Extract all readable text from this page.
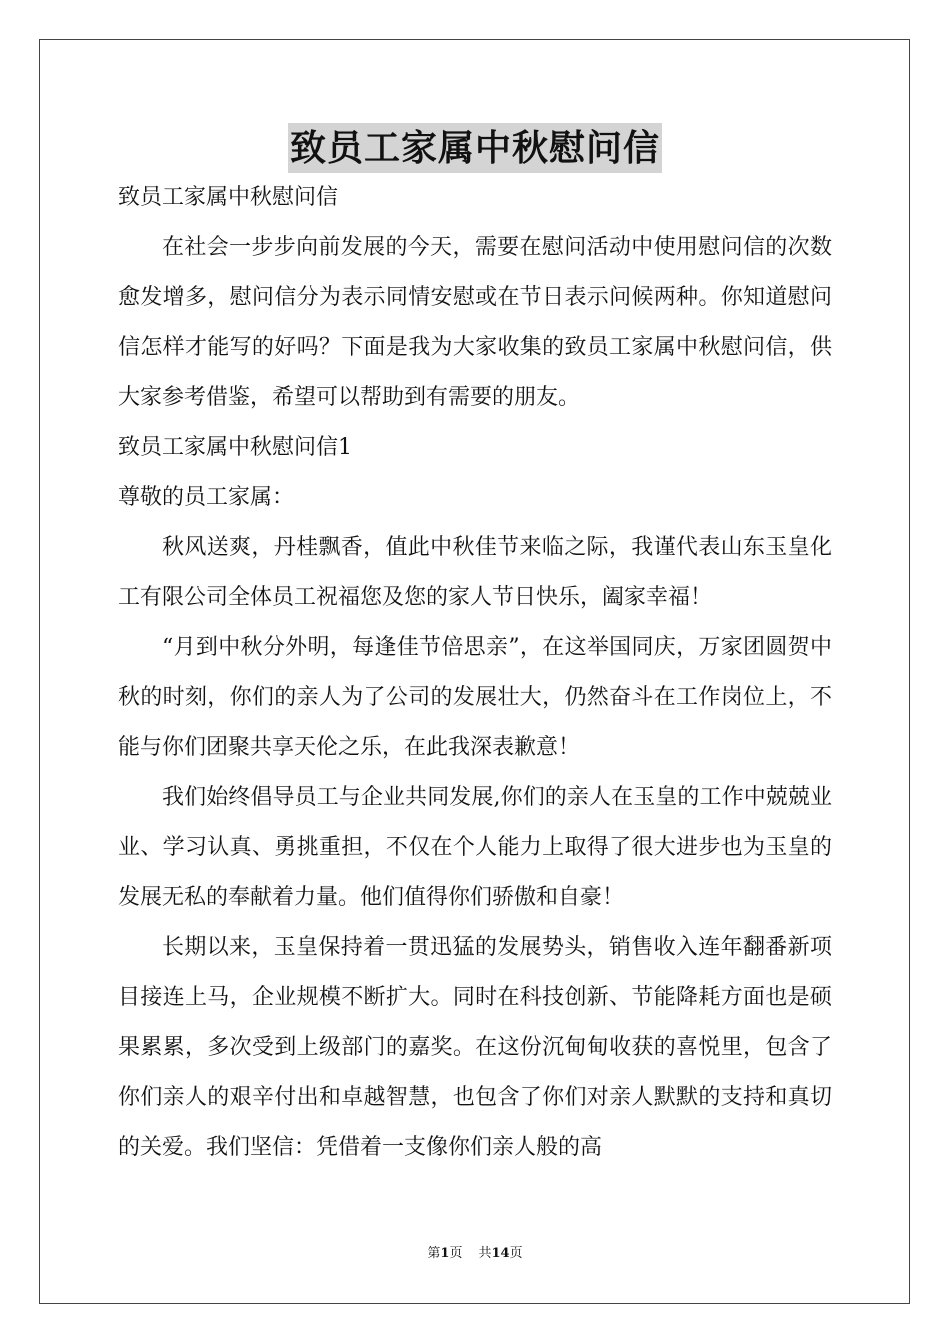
致员工家属中秋慰问信

致员工家属中秋慰问信

在社会一步步向前发展的今天，需要在慰问活动中使用慰问信的次数愈发增多，慰问信分为表示同情安慰或在节日表示问候两种。你知道慰问信怎样才能写的好吗？下面是我为大家收集的致员工家属中秋慰问信，供大家参考借鉴，希望可以帮助到有需要的朋友。

致员工家属中秋慰问信1

尊敬的员工家属：

秋风送爽，丹桂飘香，值此中秋佳节来临之际，我谨代表山东玉皇化工有限公司全体员工祝福您及您的家人节日快乐，阖家幸福！

“月到中秋分外明，每逢佳节倍思亲”，在这举国同庆，万家团圆贺中秋的时刻，你们的亲人为了公司的发展壮大，仍然奋斗在工作岗位上，不能与你们团聚共享天伦之乐，在此我深表歉意！

我们始终倡导员工与企业共同发展,你们的亲人在玉皇的工作中兢兢业业、学习认真、勇挑重担，不仅在个人能力上取得了很大进步也为玉皇的发展无私的奉献着力量。他们值得你们骄傲和自豪！

长期以来，玉皇保持着一贯迅猛的发展势头，销售收入连年翻番新项目接连上马，企业规模不断扩大。同时在科技创新、节能降耗方面也是硕果累累，多次受到上级部门的嘉奖。在这份沉甸甸收获的喜悦里，包含了你们亲人的艰辛付出和卓越智慧，也包含了你们对亲人默默的支持和真切的关爱。我们坚信：凭借着一支像你们亲人般的高

第1页 共14页
